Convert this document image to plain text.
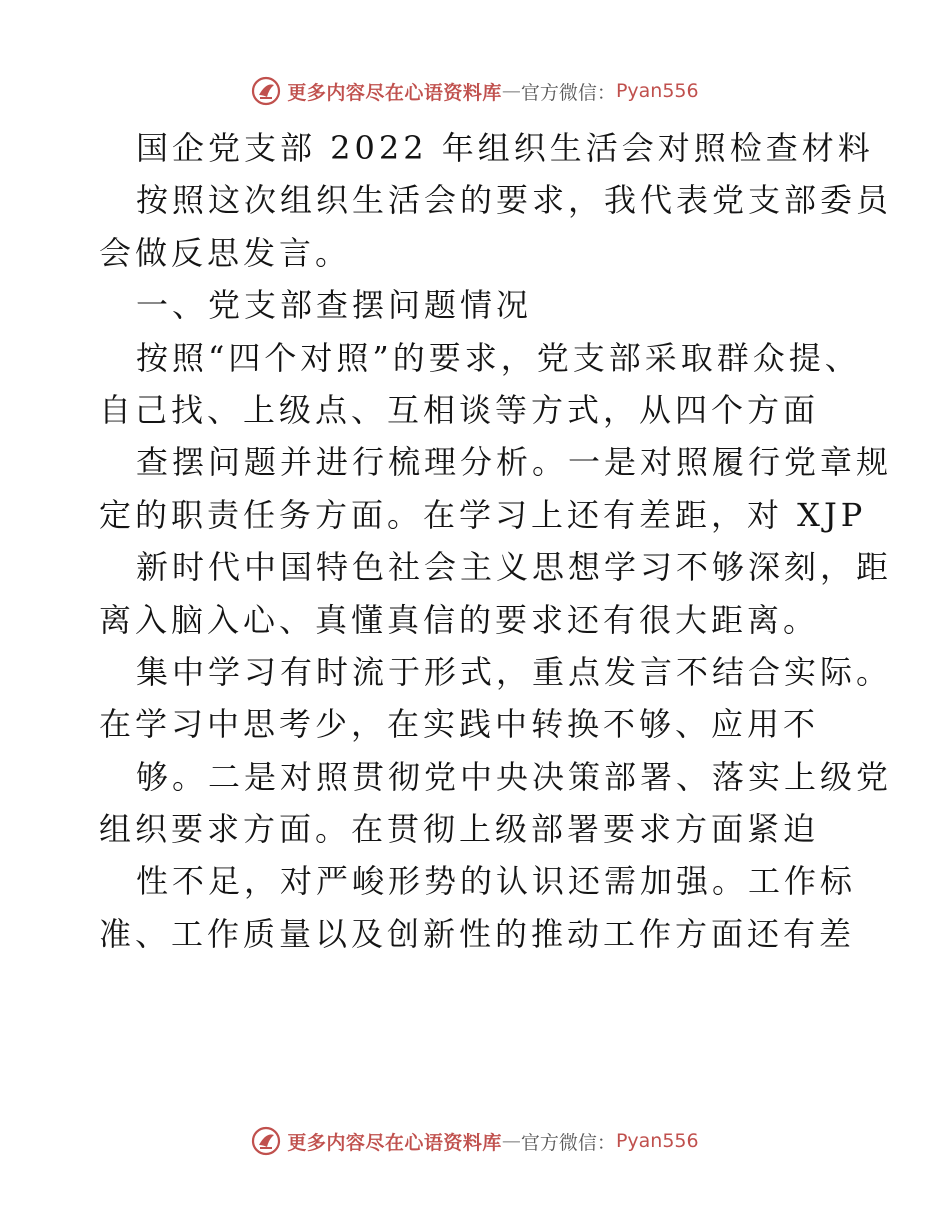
更多内容尽在心语资料库 — 官方微信： Pyan556
国企党支部 2022 年组织生活会对照检查材料
按照这次组织生活会的要求，我代表党支部委员
会做反思发言。
一、党支部查摆问题情况
按照“四个对照”的要求，党支部采取群众提、
自己找、上级点、互相谈等方式，从四个方面
查摆问题并进行梳理分析。一是对照履行党章规
定的职责任务方面。在学习上还有差距，对 XJP
新时代中国特色社会主义思想学习不够深刻，距
离入脑入心、真懂真信的要求还有很大距离。
集中学习有时流于形式，重点发言不结合实际。
在学习中思考少，在实践中转换不够、应用不
够。二是对照贯彻党中央决策部署、落实上级党
组织要求方面。在贯彻上级部署要求方面紧迫
性不足，对严峻形势的认识还需加强。工作标
准、工作质量以及创新性的推动工作方面还有差
更多内容尽在心语资料库 — 官方微信： Pyan556
